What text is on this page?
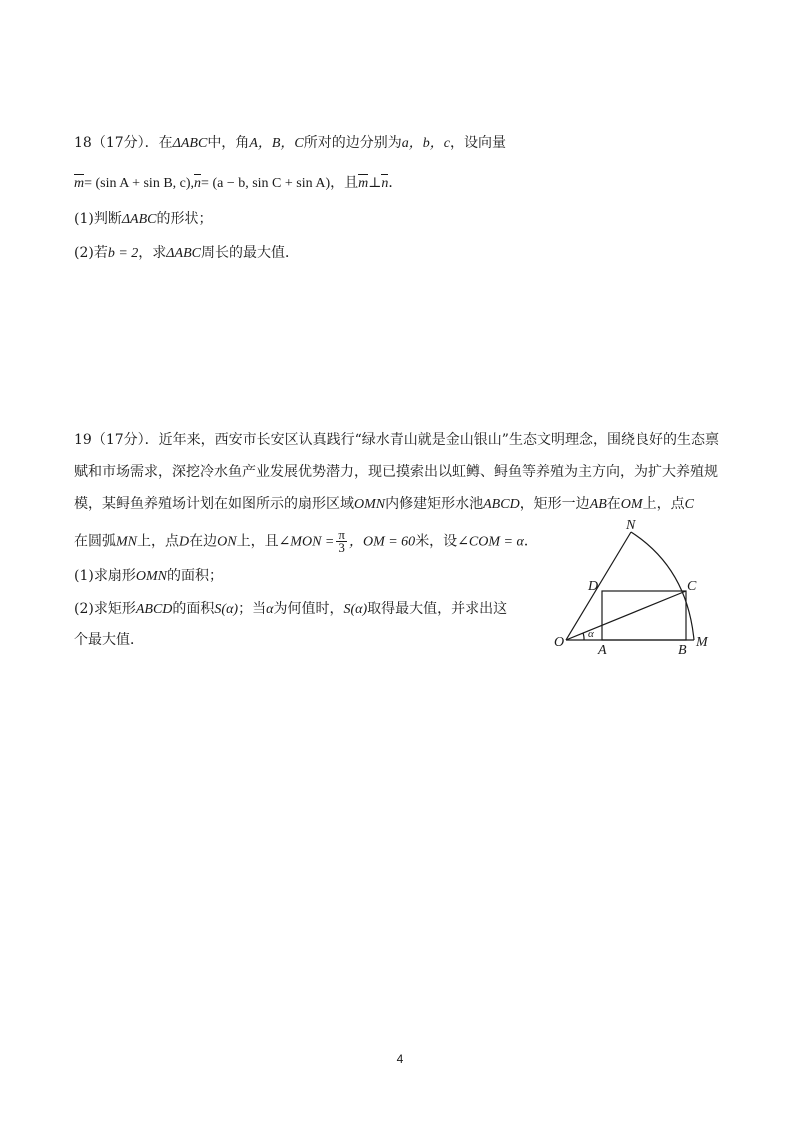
18（17分）．在ΔABC中，角A，B，C所对的边分别为a，b，c，设向量
m= (sin A + sin B, c),n= (a − b, sin C + sin A)，且m⊥n．
(1)判断ΔABC的形状；
(2)若b = 2，求ΔABC周长的最大值．
19（17分）．近年来，西安市长安区认真践行“绿水青山就是金山银山”生态文明理念，围绕良好的生态禀
赋和市场需求，深挖冷水鱼产业发展优势潜力，现已摸索出以虹鳟、鲟鱼等养殖为主方向，为扩大养殖规
模，某鲟鱼养殖场计划在如图所示的扇形区域OMN内修建矩形水池ABCD，矩形一边AB在OM上，点C
在圆弧MN上，点D在边ON上，且∠MON = $\frac{\pi}{3}$ ，OM = 60米，设∠COM = α．
(1)求扇形OMN的面积；
(2)求矩形ABCD的面积S(α)；当α为何值时，S(α)取得最大值，并求出这
个最大值．
N
D	C
O
A	B
M
α
4
